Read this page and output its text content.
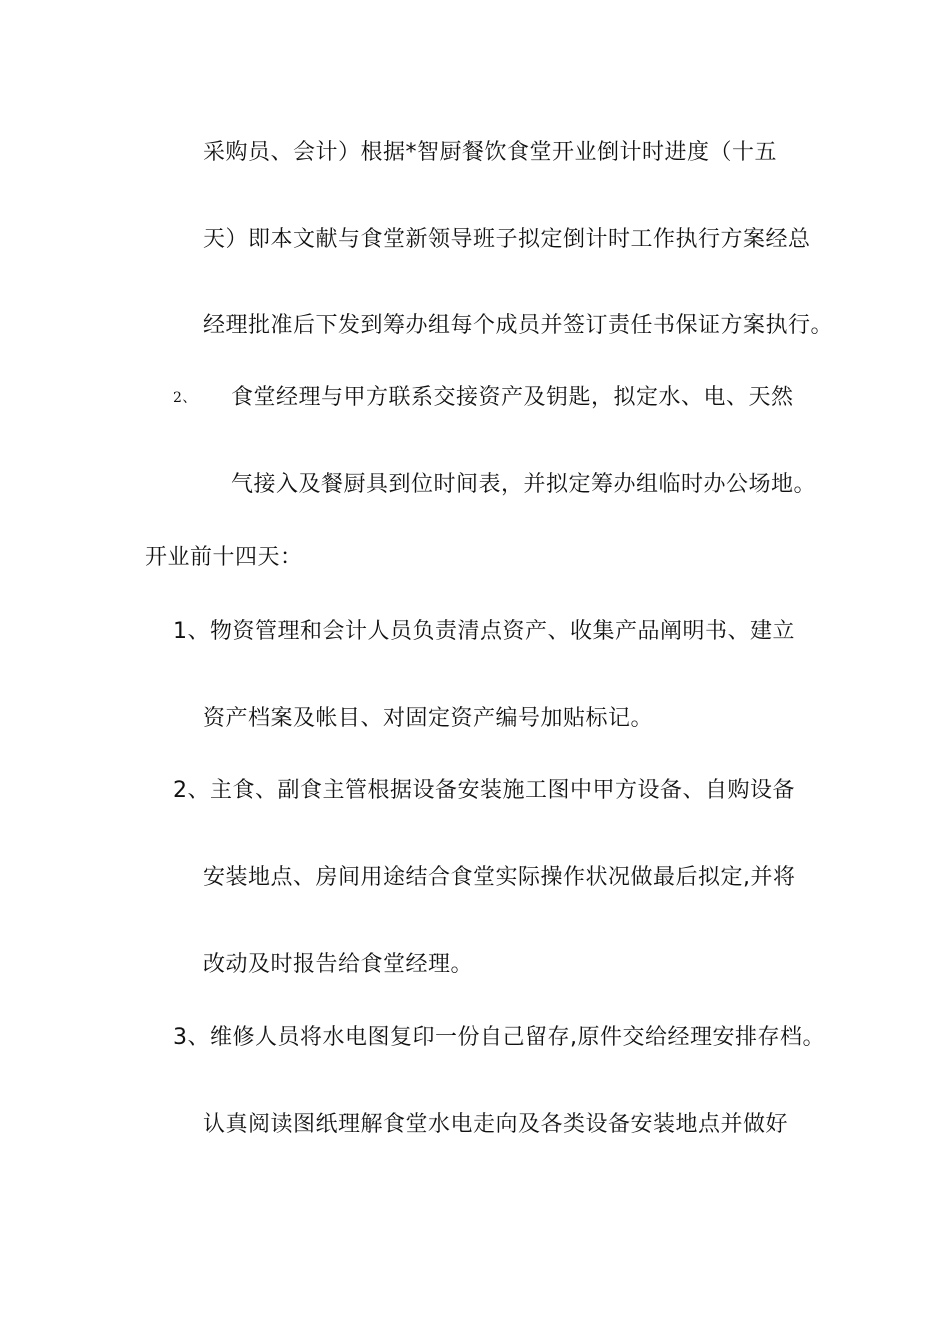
采购员、会计）根据*智厨餐饮食堂开业倒计时进度（十五
天）即本文献与食堂新领导班子拟定倒计时工作执行方案经总
经理批准后下发到筹办组每个成员并签订责任书保证方案执行。
2、 食堂经理与甲方联系交接资产及钥匙，拟定水、电、天然
气接入及餐厨具到位时间表，并拟定筹办组临时办公场地。
开业前十四天：
1、物资管理和会计人员负责清点资产、收集产品阐明书、建立
资产档案及帐目、对固定资产编号加贴标记。
2、主食、副食主管根据设备安装施工图中甲方设备、自购设备
安装地点、房间用途结合食堂实际操作状况做最后拟定,并将
改动及时报告给食堂经理。
3、维修人员将水电图复印一份自己留存,原件交给经理安排存档。
认真阅读图纸理解食堂水电走向及各类设备安装地点并做好
